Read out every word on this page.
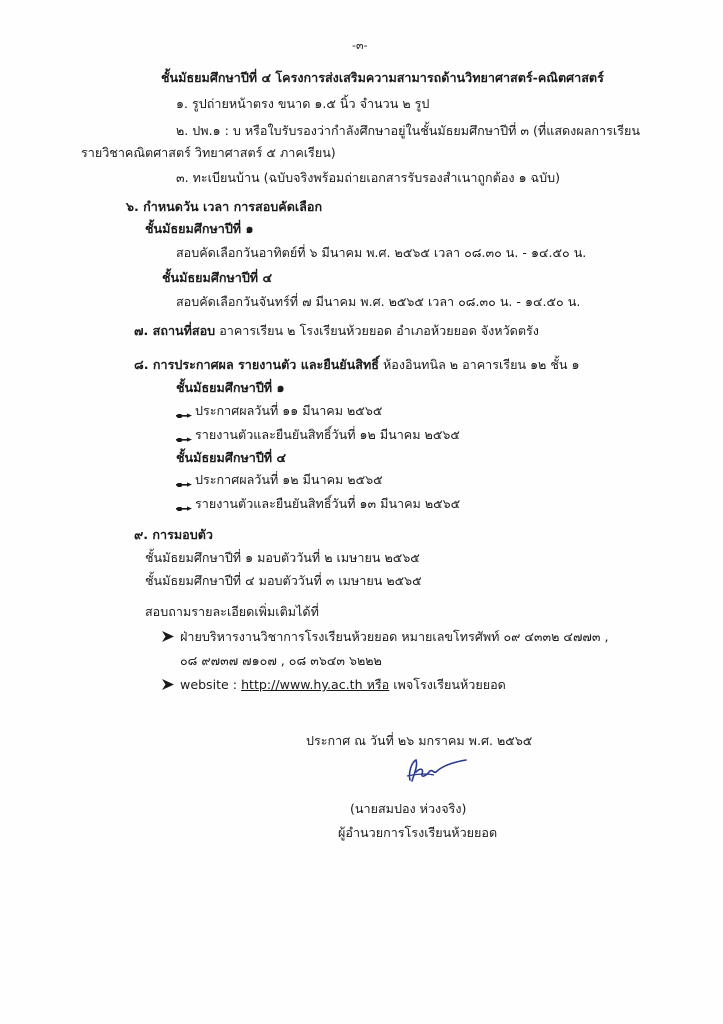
-๓-
ชั้นมัธยมศึกษาปีที่ ๔ โครงการส่งเสริมความสามารถด้านวิทยาศาสตร์-คณิตศาสตร์
๑. รูปถ่ายหน้าตรง ขนาด ๑.๕ นิ้ว จำนวน ๒ รูป
๒. ปพ.๑ : บ หรือใบรับรองว่ากำลังศึกษาอยู่ในชั้นมัธยมศึกษาปีที่ ๓ (ที่แสดงผลการเรียน
รายวิชาคณิตศาสตร์ วิทยาศาสตร์ ๕ ภาคเรียน)
๓. ทะเบียนบ้าน (ฉบับจริงพร้อมถ่ายเอกสารรับรองสำเนาถูกต้อง ๑ ฉบับ)
๖. กำหนดวัน เวลา การสอบคัดเลือก
ชั้นมัธยมศึกษาปีที่ ๑
สอบคัดเลือกวันอาทิตย์ที่ ๖ มีนาคม พ.ศ. ๒๕๖๕ เวลา ๐๘.๓๐ น. - ๑๔.๕๐ น.
ชั้นมัธยมศึกษาปีที่ ๔
สอบคัดเลือกวันจันทร์ที่ ๗ มีนาคม พ.ศ. ๒๕๖๕ เวลา ๐๘.๓๐ น. - ๑๔.๕๐ น.
๗. สถานที่สอบ อาคารเรียน ๒ โรงเรียนห้วยยอด อำเภอห้วยยอด จังหวัดตรัง
๘. การประกาศผล รายงานตัว และยืนยันสิทธิ์ ห้องอินทนิล ๒ อาคารเรียน ๑๒ ชั้น ๑
ชั้นมัธยมศึกษาปีที่ ๑
ประกาศผลวันที่ ๑๑ มีนาคม ๒๕๖๕
รายงานตัวและยืนยันสิทธิ์วันที่ ๑๒ มีนาคม ๒๕๖๕
ชั้นมัธยมศึกษาปีที่ ๔
ประกาศผลวันที่ ๑๒ มีนาคม ๒๕๖๕
รายงานตัวและยืนยันสิทธิ์วันที่ ๑๓ มีนาคม ๒๕๖๕
๙. การมอบตัว
ชั้นมัธยมศึกษาปีที่ ๑ มอบตัววันที่ ๒ เมษายน ๒๕๖๕
ชั้นมัธยมศึกษาปีที่ ๔ มอบตัววันที่ ๓ เมษายน ๒๕๖๕
สอบถามรายละเอียดเพิ่มเติมได้ที่
ฝ่ายบริหารงานวิชาการโรงเรียนห้วยยอด หมายเลขโทรศัพท์ ๐๙ ๔๓๓๒ ๔๗๗๓ ,
๐๘ ๙๗๓๗ ๗๑๐๗ , ๐๘ ๓๖๔๓ ๖๒๒๒
website : http://www.hy.ac.th หรือ เพจโรงเรียนห้วยยอด
ประกาศ ณ วันที่ ๒๖ มกราคม พ.ศ. ๒๕๖๕
(นายสมปอง ห่วงจริง)
ผู้อำนวยการโรงเรียนห้วยยอด
